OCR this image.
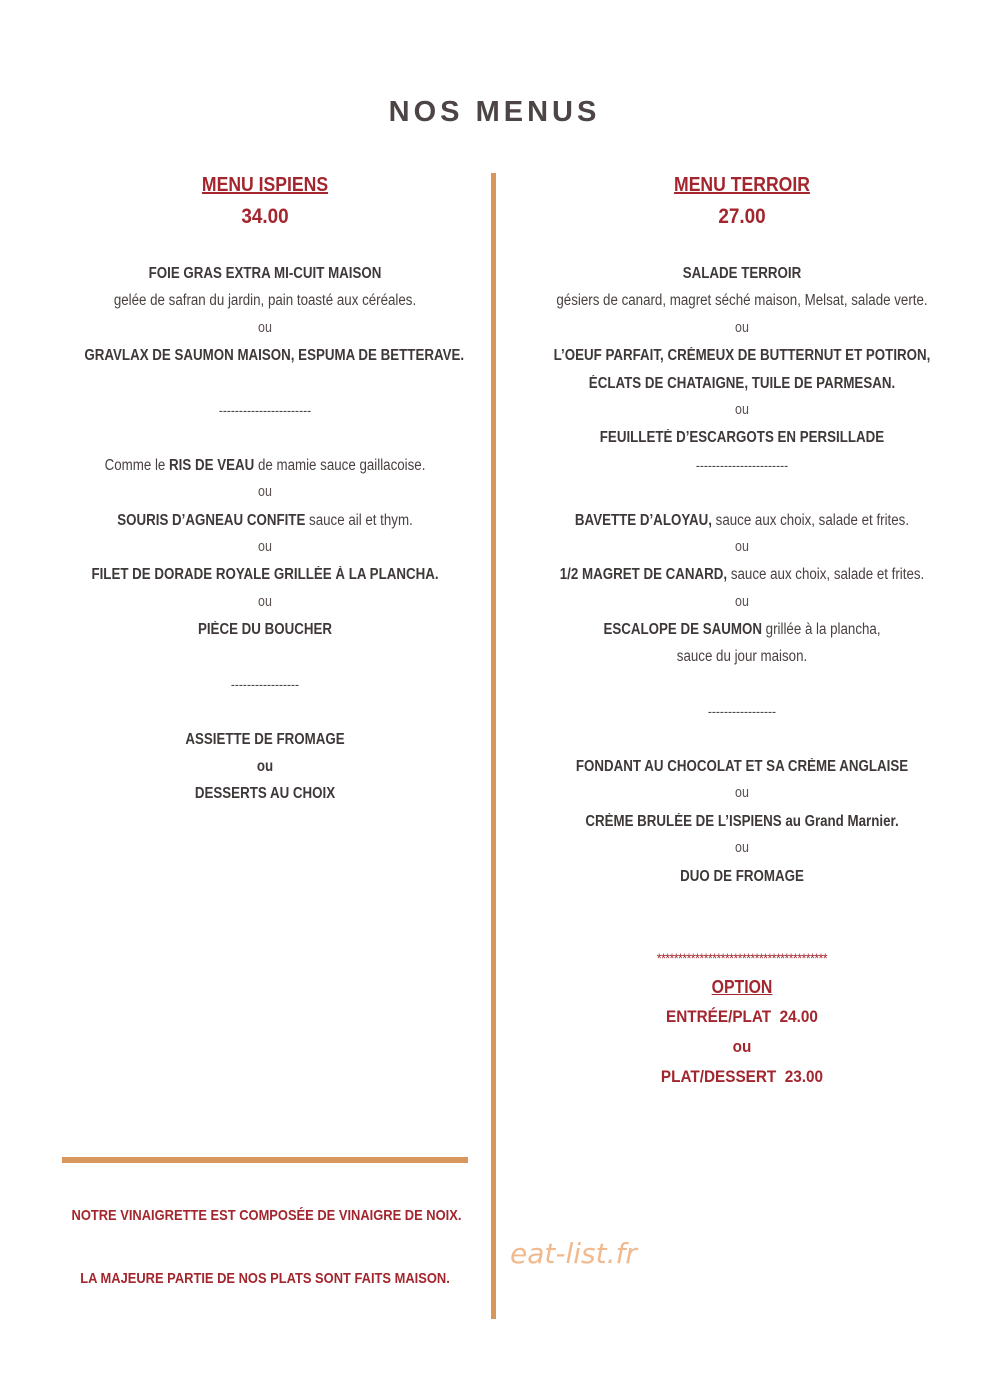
NOS MENUS
MENU ISPIENS
34.00
FOIE GRAS EXTRA MI-CUIT MAISON
gelée de safran du jardin, pain toasté aux céréales.
ou
GRAVLAX DE SAUMON MAISON, ESPUMA DE BETTERAVE.
-----------------------
Comme le RIS DE VEAU de mamie sauce gaillacoise.
ou
SOURIS D’AGNEAU CONFITE sauce ail et thym.
ou
FILET DE DORADE ROYALE GRILLÉE À LA PLANCHA.
ou
PIÈCE DU BOUCHER
-----------------
ASSIETTE DE FROMAGE
ou
DESSERTS AU CHOIX
MENU TERROIR
27.00
SALADE TERROIR
gésiers de canard, magret séché maison, Melsat, salade verte.
ou
L’OEUF PARFAIT, CRÉMEUX DE BUTTERNUT ET POTIRON,
ÉCLATS DE CHATAIGNE, TUILE DE PARMESAN.
ou
FEUILLETÉ D’ESCARGOTS EN PERSILLADE
-----------------------
BAVETTE D’ALOYAU, sauce aux choix, salade et frites.
ou
1/2 MAGRET DE CANARD, sauce aux choix, salade et frites.
ou
ESCALOPE DE SAUMON grillée à la plancha,
sauce du jour maison.
-----------------
FONDANT AU CHOCOLAT ET SA CRÈME ANGLAISE
ou
CRÈME BRULÉE DE L’ISPIENS au Grand Marnier.
ou
DUO DE FROMAGE
****************************************
OPTION
ENTRÉE/PLAT  24.00
ou
PLAT/DESSERT  23.00
NOTRE VINAIGRETTE EST COMPOSÉE DE VINAIGRE DE NOIX.
LA MAJEURE PARTIE DE NOS PLATS SONT FAITS MAISON.
eat-list.fr
